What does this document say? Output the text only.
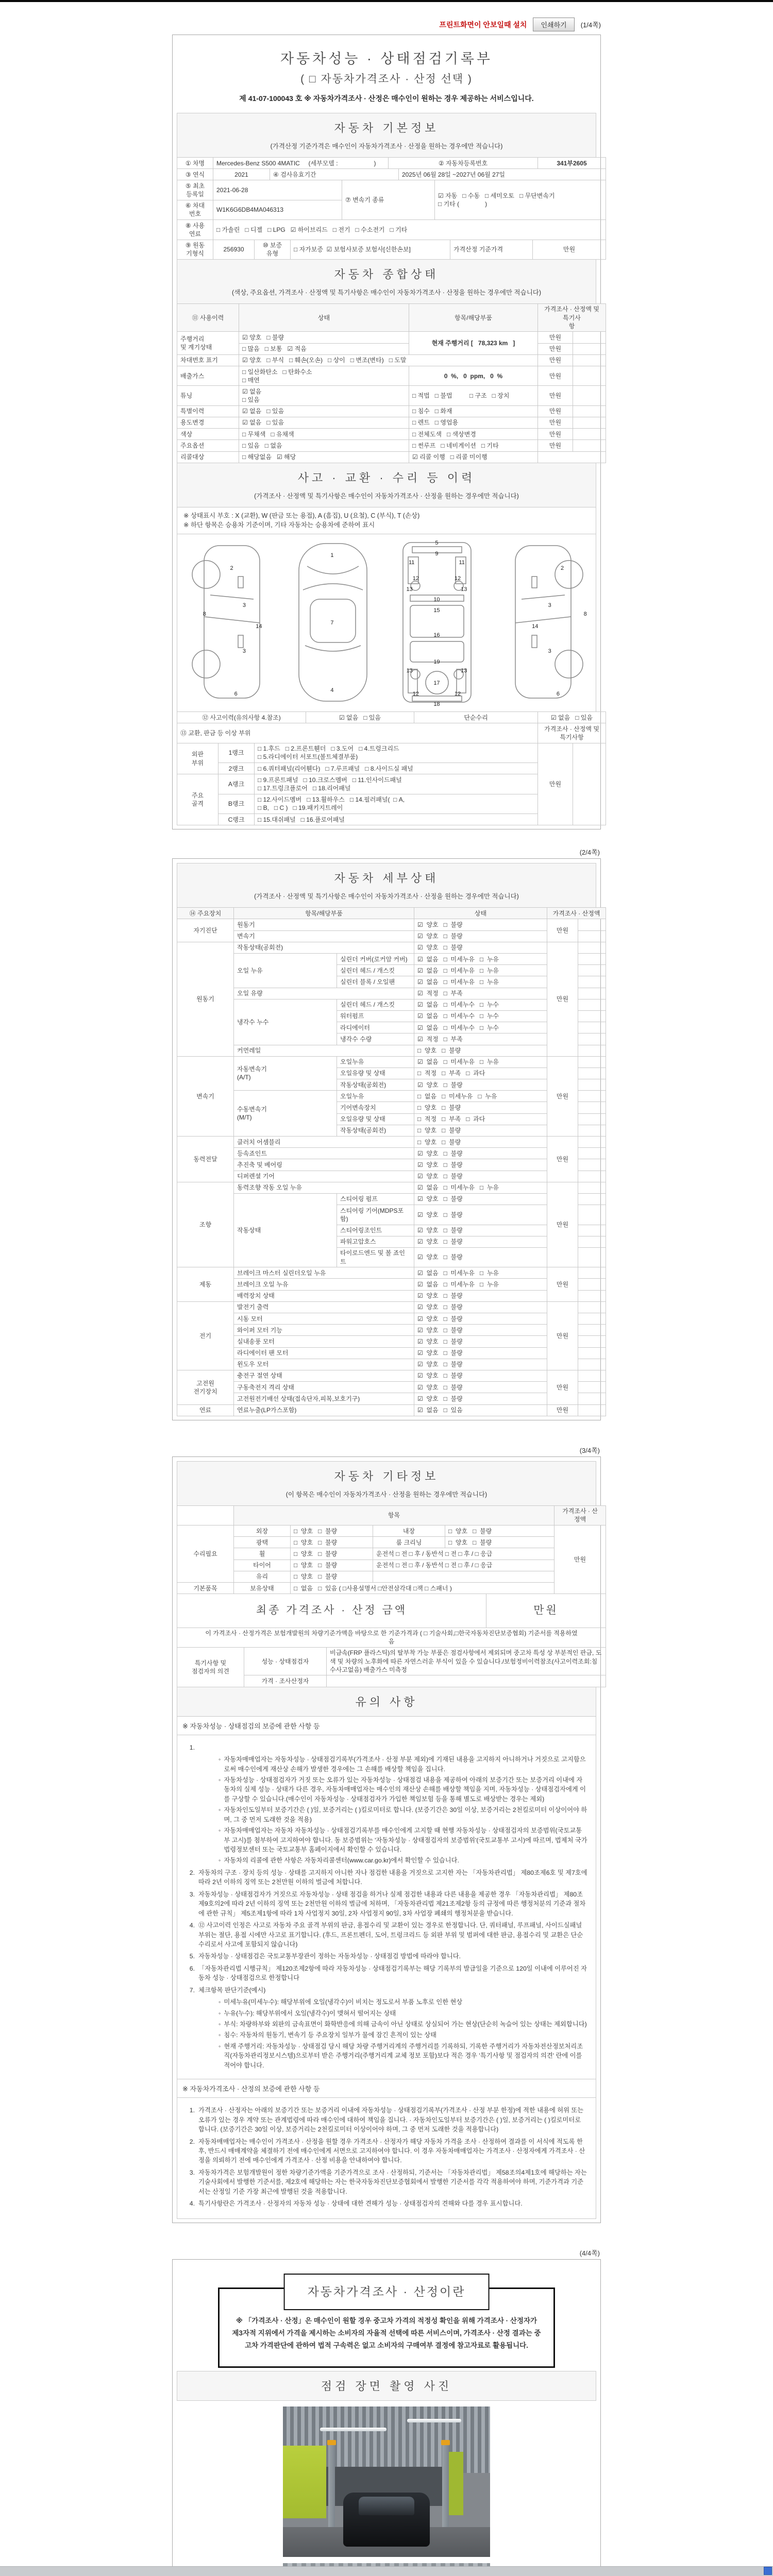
프린트화면이 안보일때 설치	인쇄하기	(1/4쪽)
자동차성능 · 상태점검기록부
( □ 자동차가격조사 · 산정 선택 )
제 41-07-100043 호 ※ 자동차가격조사 · 산정은 매수인이 원하는 경우 제공하는 서비스입니다.
자동차 기본정보
(가격산정 기준가격은 매수인이 자동차가격조사 · 산정을 원하는 경우에만 적습니다)
① 차명	Mercedes-Benz S500 4MATIC     (세부모델 :                     )	② 자동차등록번호	341부2605
③ 연식	2021	④ 검사유효기간	2025년 06월 28일 ~2027년 06월 27일
⑤ 최초
등록일	2021-06-28	⑦ 변속기 종류	☑ 자동   □ 수동   □ 세미오토   □ 무단변속기
□ 기타 (               )
⑥ 차대
번호	W1K6G6DB4MA046313		
⑧ 사용
연료	□ 가솔린   □ 디젤   □ LPG   ☑ 하이브리드   □ 전기   □ 수소전기   □ 기타
⑨ 원동
기형식	256930	⑩ 보증
유형	□ 자가보증  ☑ 보험사보증 보험사[신한손보]	가격산정 기준가격	만원
자동차 종합상태
(색상, 주요옵션, 가격조사 · 산정액 및 특기사항은 매수인이 자동차가격조사 · 산정을 원하는 경우에만 적습니다)
⑪ 사용이력	상태	항목/해당부품	가격조사 · 산정액 및 특기사
항	
주행거리
및 계기상태	☑ 양호   □ 불량	현재 주행거리 [   78,323 km   ]	만원	
	□ 많음   □ 보통   ☑ 적음		만원	
차대번호 표기	☑ 양호   □ 부식   □ 훼손(오손)   □ 상이   □ 변조(변타)   □ 도말		만원	
배출가스	□ 일산화탄소   □ 탄화수소
□ 매연	0  %,   0  ppm,   0  %	만원	
튜닝	☑ 없음
□ 있음	□ 적법   □ 불법          □ 구조   □ 장치	만원	
특별이력	☑ 없음   □ 있음	□ 침수   □ 화재	만원	
용도변경	☑ 없음   □ 있음	□ 렌트   □ 영업용	만원	
색상	□ 무채색   □ 유채색	□ 전체도색   □ 색상변경	만원	
주요옵션	□ 있음   □ 없음	□ 썬루프   □ 네비게이션   □ 기타	만원	
리콜대상	□ 해당없음   ☑ 해당	☑ 리콜 이행   □ 리콜 미이행		
사고 · 교환 · 수리 등 이력
(가격조사 · 산정액 및 특기사항은 매수인이 자동차가격조사 · 산정을 원하는 경우에만 적습니다)
※ 상태표시 부호 : X (교환), W (판금 또는 용접), A (흠집), U (요철), C (부식), T (손상)
※ 하단 항목은 승용차 기준이며, 기타 자동차는 승용차에 준하여 표시
2
8
3
14
3
6
1
7
4
5
9
11	11
12	12
13	13
10
15
16
19
13	13
17
12	12
18
2
8
3
14
3
6
⑫ 사고이력(유의사항 4.참조)	☑ 없음   □ 있음	단순수리	☑ 없음   □ 있음
⑬ 교환, 판금 등 이상 부위	가격조사 · 산정액 및 특기사항
외판
부위	1랭크	□ 1.후드   □ 2.프론트휀더   □ 3.도어   □ 4.트렁크리드
□ 5.라디에이터 서포트(볼트체결부품)	만원	
	2랭크	□ 6.쿼터패널(리어휀다)   □ 7.루프패널   □ 8.사이드실 패널		
주요
골격	A랭크	□ 9.프론트패널   □ 10.크로스멤버   □ 11.인사이드패널
□ 17.트렁크플로어   □ 18.리어패널		
	B랭크	□ 12.사이드멤버   □ 13.휠하우스   □ 14.필러패널(  □ A,
□ B,   □ C )   □ 19.패키지트레이		
	C랭크	□ 15.대쉬패널   □ 16.플로어패널		
(2/4쪽)
자동차 세부상태
(가격조사 · 산정액 및 특기사항은 매수인이 자동차가격조사 · 산정을 원하는 경우에만 적습니다)
⑭ 주요장치	항목/해당부품		상태	가격조사 · 산정액	
자기진단	원동기		☑  양호   □  불량	만원	
	변속기		☑  양호   □  불량		
원동기	작동상태(공회전)		☑  양호   □  불량	만원	
	오일 누유	실린더 커버(로커암 커버)	☑  없음   □  미세누유   □  누유		
		실린더 헤드 / 개스킷	☑  없음   □  미세누유   □  누유		
		실린더 블록 / 오일팬	☑  없음   □  미세누유   □  누유		
	오일 유량		☑  적정   □  부족		
	냉각수 누수	실린더 헤드 / 개스킷	☑  없음   □  미세누수   □  누수		
		워터펌프	☑  없음   □  미세누수   □  누수		
		라디에이터	☑  없음   □  미세누수   □  누수		
		냉각수 수량	☑  적정   □  부족		
	커먼레일		□  양호   □  불량		
변속기	자동변속기
(A/T)	오일누유	☑  없음   □  미세누유   □  누유	만원	
		오일유량 및 상태	□  적정   □  부족   □  과다		
		작동상태(공회전)	☑  양호   □  불량		
	수동변속기
(M/T)	오일누유	□  없음   □  미세누유   □  누유		
		기어변속장치	□  양호   □  불량		
		오일유량 및 상태	□  적정   □  부족   □  과다		
		작동상태(공회전)	□  양호   □  불량		
동력전달	클러치 어셈블리		□  양호   □  불량	만원	
	등속죠인트		☑  양호   □  불량		
	추진축 및 베어링		☑  양호   □  불량		
	디퍼렌셜 기어		☑  양호   □  불량		
조향	동력조향 작동 오일 누유		☑  없음   □  미세누유   □  누유	만원	
	작동상태	스티어링 펌프	☑  양호   □  불량		
		스티어링 기어(MDPS포
함)	☑  양호   □  불량		
		스티어링조인트	☑  양호   □  불량		
		파워고압호스	☑  양호   □  불량		
		타이로드엔드 및 볼 죠인
트	☑  양호   □  불량		
제동	브레이크 마스터 실린더오일 누유		☑  없음   □  미세누유   □  누유	만원	
	브레이크 오일 누유		☑  없음   □  미세누유   □  누유		
	배력장치 상태		☑  양호   □  불량		
전기	발전기 출력		☑  양호   □  불량	만원	
	시동 모터		☑  양호   □  불량		
	와이퍼 모터 기능		☑  양호   □  불량		
	실내송풍 모터		☑  양호   □  불량		
	라디에이터 팬 모터		☑  양호   □  불량		
	윈도우 모터		☑  양호   □  불량		
고전원
전기장치	충전구 절연 상태		☑  양호   □  불량	만원	
	구동축전지 격리 상태		☑  양호   □  불량		
	고전원전기배선 상태(접속단자,피복,보호기구)		☑  양호   □  불량		
연료	연료누출(LP가스포함)		☑  없음   □  있음	만원	
(3/4쪽)
자동차 기타정보
(이 항목은 매수인이 자동차가격조사 · 산정을 원하는 경우에만 적습니다)
	항목				가격조사 · 산
정액
수리필요	외장	□  양호   □  불량	내장	□  양호   □  불량	만원
	광택	□  양호   □  불량	룸 크리닝	□  양호   □  불량	
	휠	□  양호   □  불량	운전석 □ 전 □ 후 / 동반석 □ 전 □ 후 / □ 응급		
	타이어	□  양호   □  불량	운전석 □ 전 □ 후 / 동반석 □ 전 □ 후 / □ 응급		
	유리	□  양호   □  불량			
기본품목	보유상태	□  없음   □  있음 ( □사용설명서 □안전삼각대 □잭 □ 스패너 )			
최종 가격조사 · 산정 금액	만원
이 가격조사 · 산정가격은 보험개발원의 차량기준가액을 바탕으로 한 기준가격과 ( □ 기술사회,□한국자동차진단보증협회) 기준서를 적용하였
음
특기사항 및
점검자의 의견	성능 · 상태점검자	비금속(FRP 플라스틱)의 탈부착 가능 부품은 점검사항에서 제외되며 중고차 특성 상 부분적인 판금, 도색 및 차량의 노후화에 따른 자연스러운 부식이 있을 수 있습니다./보험정비이력참조(사고이력조회:침수사고없음) 배출가스 미측정
	가격 · 조사산정자	
유의 사항
※ 자동차성능 · 상태점검의 보증에 관한 사항 등
1.
◦ 자동차매매업자는 자동차성능 · 상태점검기록부(가격조사 · 산정 부분 제외)에 기재된 내용을 고지하지 아니하거나 거짓으로 고지함으로써 매수인에게 재산상 손해가 발생한 경우에는 그 손해를 배상할 책임을 집니다.
◦ 자동차성능 · 상태점검자가 거짓 또는 오류가 있는 자동차성능 · 상태점검 내용을 제공하여 아래의 보증기간 또는 보증거리 이내에 자동차의 실제 성능 · 상태가 다른 경우, 자동차매매업자는 매수인의 재산상 손해를 배상할 책임을 지며, 자동차성능 · 상태점검자에게 이를 구상할 수 있습니다.(매수인이 자동차성능 · 상태점검자가 가입한 책임보험 등을 통해 별도로 배상받는 경우는 제외)
◦ 자동차인도일부터 보증기간은 ( )일, 보증거리는 ( )킬로미터로 합니다. (보증기간은 30일 이상, 보증거리는 2천킬로미터 이상이어야 하며, 그 중 먼저 도래한 것을 적용)
◦ 자동차매매업자는 자동차 자동차성능 · 상태점검기록부를 매수인에게 고지할 때 현행 자동차성능 · 상태점검자의 보증범위(국토교통부 고시)를 첨부하여 고지하여야 합니다. 동 보증범위는 '자동차성능 · 상태점검자의 보증범위'(국토교통부 고시)에 따르며, 법제처 국가법령정보센터 또는 국토교통부 홈페이지에서 확인할 수 있습니다.
◦ 자동차의 리콜에 관한 사항은 자동차리콜센터(www.car.go.kr)에서 확인할 수 있습니다.
2. 자동차의 구조 · 장치 등의 성능 · 상태를 고지하지 아니한 자나 점검한 내용을 거짓으로 고지한 자는 「자동차관리법」 제80조제6호 및 제7호에 따라 2년 이하의 징역 또는 2천만원 이하의 벌금에 처합니다.
3. 자동차성능 · 상태점검자가 거짓으로 자동차성능 · 상태 점검을 하거나 실제 점검한 내용과 다른 내용을 제공한 경우 「자동차관리법」 제80조제9호의2에 따라 2년 이하의 징역 또는 2천만원 이하의 벌금에 처하며, 「자동차관리법 제21조제2항 등의 규정에 따른 행정처분의 기준과 절차에 관한 규칙」 제5조제1항에 따라 1차 사업정지 30일, 2차 사업정지 90일, 3차 사업장 폐쇄의 행정처분을 받습니다.
4. ⑫ 사고이력 인정은 사고로 자동차 주요 골격 부위의 판금, 용접수리 및 교환이 있는 경우로 한정합니다. 단, 쿼터패널, 루프패널, 사이드실패널 부위는 절단, 용접 시에만 사고로 표기합니다. (후드, 프론트펜더, 도어, 트렁크리드 등 외판 부위 및 범퍼에 대한 판금, 용접수리 및 교환은 단순수리로서 사고에 포함되지 않습니다)
5. 자동차성능 · 상태점검은 국토교통부장관이 정하는 자동차성능 · 상태점검 방법에 따라야 합니다.
6. 「자동차관리법 시행규칙」 제120조제2항에 따라 자동차성능 · 상태점검기록부는 해당 기록부의 발급일을 기준으로 120일 이내에 이루어진 자동차 성능 · 상태점검으로 한정합니다
7. 체크항목 판단기준(예시)
◦ 미세누유(미세누수): 해당부위에 오일(냉각수)이 비치는 정도로서 부품 노후로 인한 현상
◦ 누유(누수): 해당부위에서 오일(냉각수)이 맺혀서 떨어지는 상태
◦ 부식: 차량하부와 외판의 금속표면이 화학반응에 의해 금속이 아닌 상태로 상실되어 가는 현상(단순히 녹슬어 있는 상태는 제외합니다)
◦ 침수: 자동차의 원동기, 변속기 등 주요장치 일부가 물에 잠긴 흔적이 있는 상태
◦ 현재 주행거리: 자동차성능 · 상태점검 당시 해당 차량 주행거리계의 주행거리를 기록하되, 기록한 주행거리가 자동차전산정보처리조직(자동차관리정보시스템)으로부터 받은 주행거리(주행거리계 교체 정보 포함)보다 적은 경우 '특기사항 및 점검자의 의견' 란에 이를 적어야 합니다.
※ 자동차가격조사 · 산정의 보증에 관한 사항 등
1. 가격조사 · 산정자는 아래의 보증기간 또는 보증거리 이내에 자동차성능 · 상태점검기록부(가격조사 · 산정 부분 한정)에 적한 내용에 허위 또는 오류가 있는 경우 계약 또는 관계법령에 따라 매수인에 대하여 책임을 집니다. · 자동차인도일부터 보증기간은 ( )일, 보증거리는 ( )킬로미터로 합니다. (보증기간은 30일 이상, 보증거리는 2천킬로미터 이상이어야 하며, 그 중 먼저 도래한 것을 적용합니다)
2. 자동차매매업자는 매수인이 가격조사 · 산정을 원할 경우 가격조사 · 산정자가 해당 자동차 가격을 조사 · 산정하여 결과를 이 서식에 적도록 한 후, 반드시 매매계약을 체결하기 전에 매수인에게 서면으로 고지하여야 합니다. 이 경우 자동차매매업자는 가격조사 · 산정자에게 가격조사 · 산정을 의뢰하기 전에 매수인에게 가격조사 · 산정 비용을 안내하여야 합니다.
3. 자동차가격은 보험개발원이 정한 차량기준가액을 기준가격으로 조사 · 산정하되, 기준서는 「자동차관리법」 제58조의4제1호에 해당하는 자는 기술사회에서 발행한 기준서를, 제2호에 해당하는 자는 한국자동차진단보증협회에서 발행한 기준서를 각각 적용하여야 하며, 기준가격과 기준서는 산정일 기준 가장 최근에 발행된 것을 적용합니다.
4. 특기사항란은 가격조사 · 산정자의 자동차 성능 · 상태에 대한 견해가 성능 · 상태점검자의 견해와 다를 경우 표시합니다.
(4/4쪽)
자동차가격조사 · 산정이란
※ 「가격조사 · 산정」은 매수인이 원할 경우 중고차 가격의 적정성 확인을 위해 가격조사 · 산정자가 제3자적 지위에서 가격을 제시하는 소비자의 자율적 선택에 따른 서비스이며, 가격조사 · 산정 결과는 중고차 가격판단에 관하여 법적 구속력은 없고 소비자의 구매여부 결정에 참고자료로 활용됩니다.
점검 장면 촬영 사진
